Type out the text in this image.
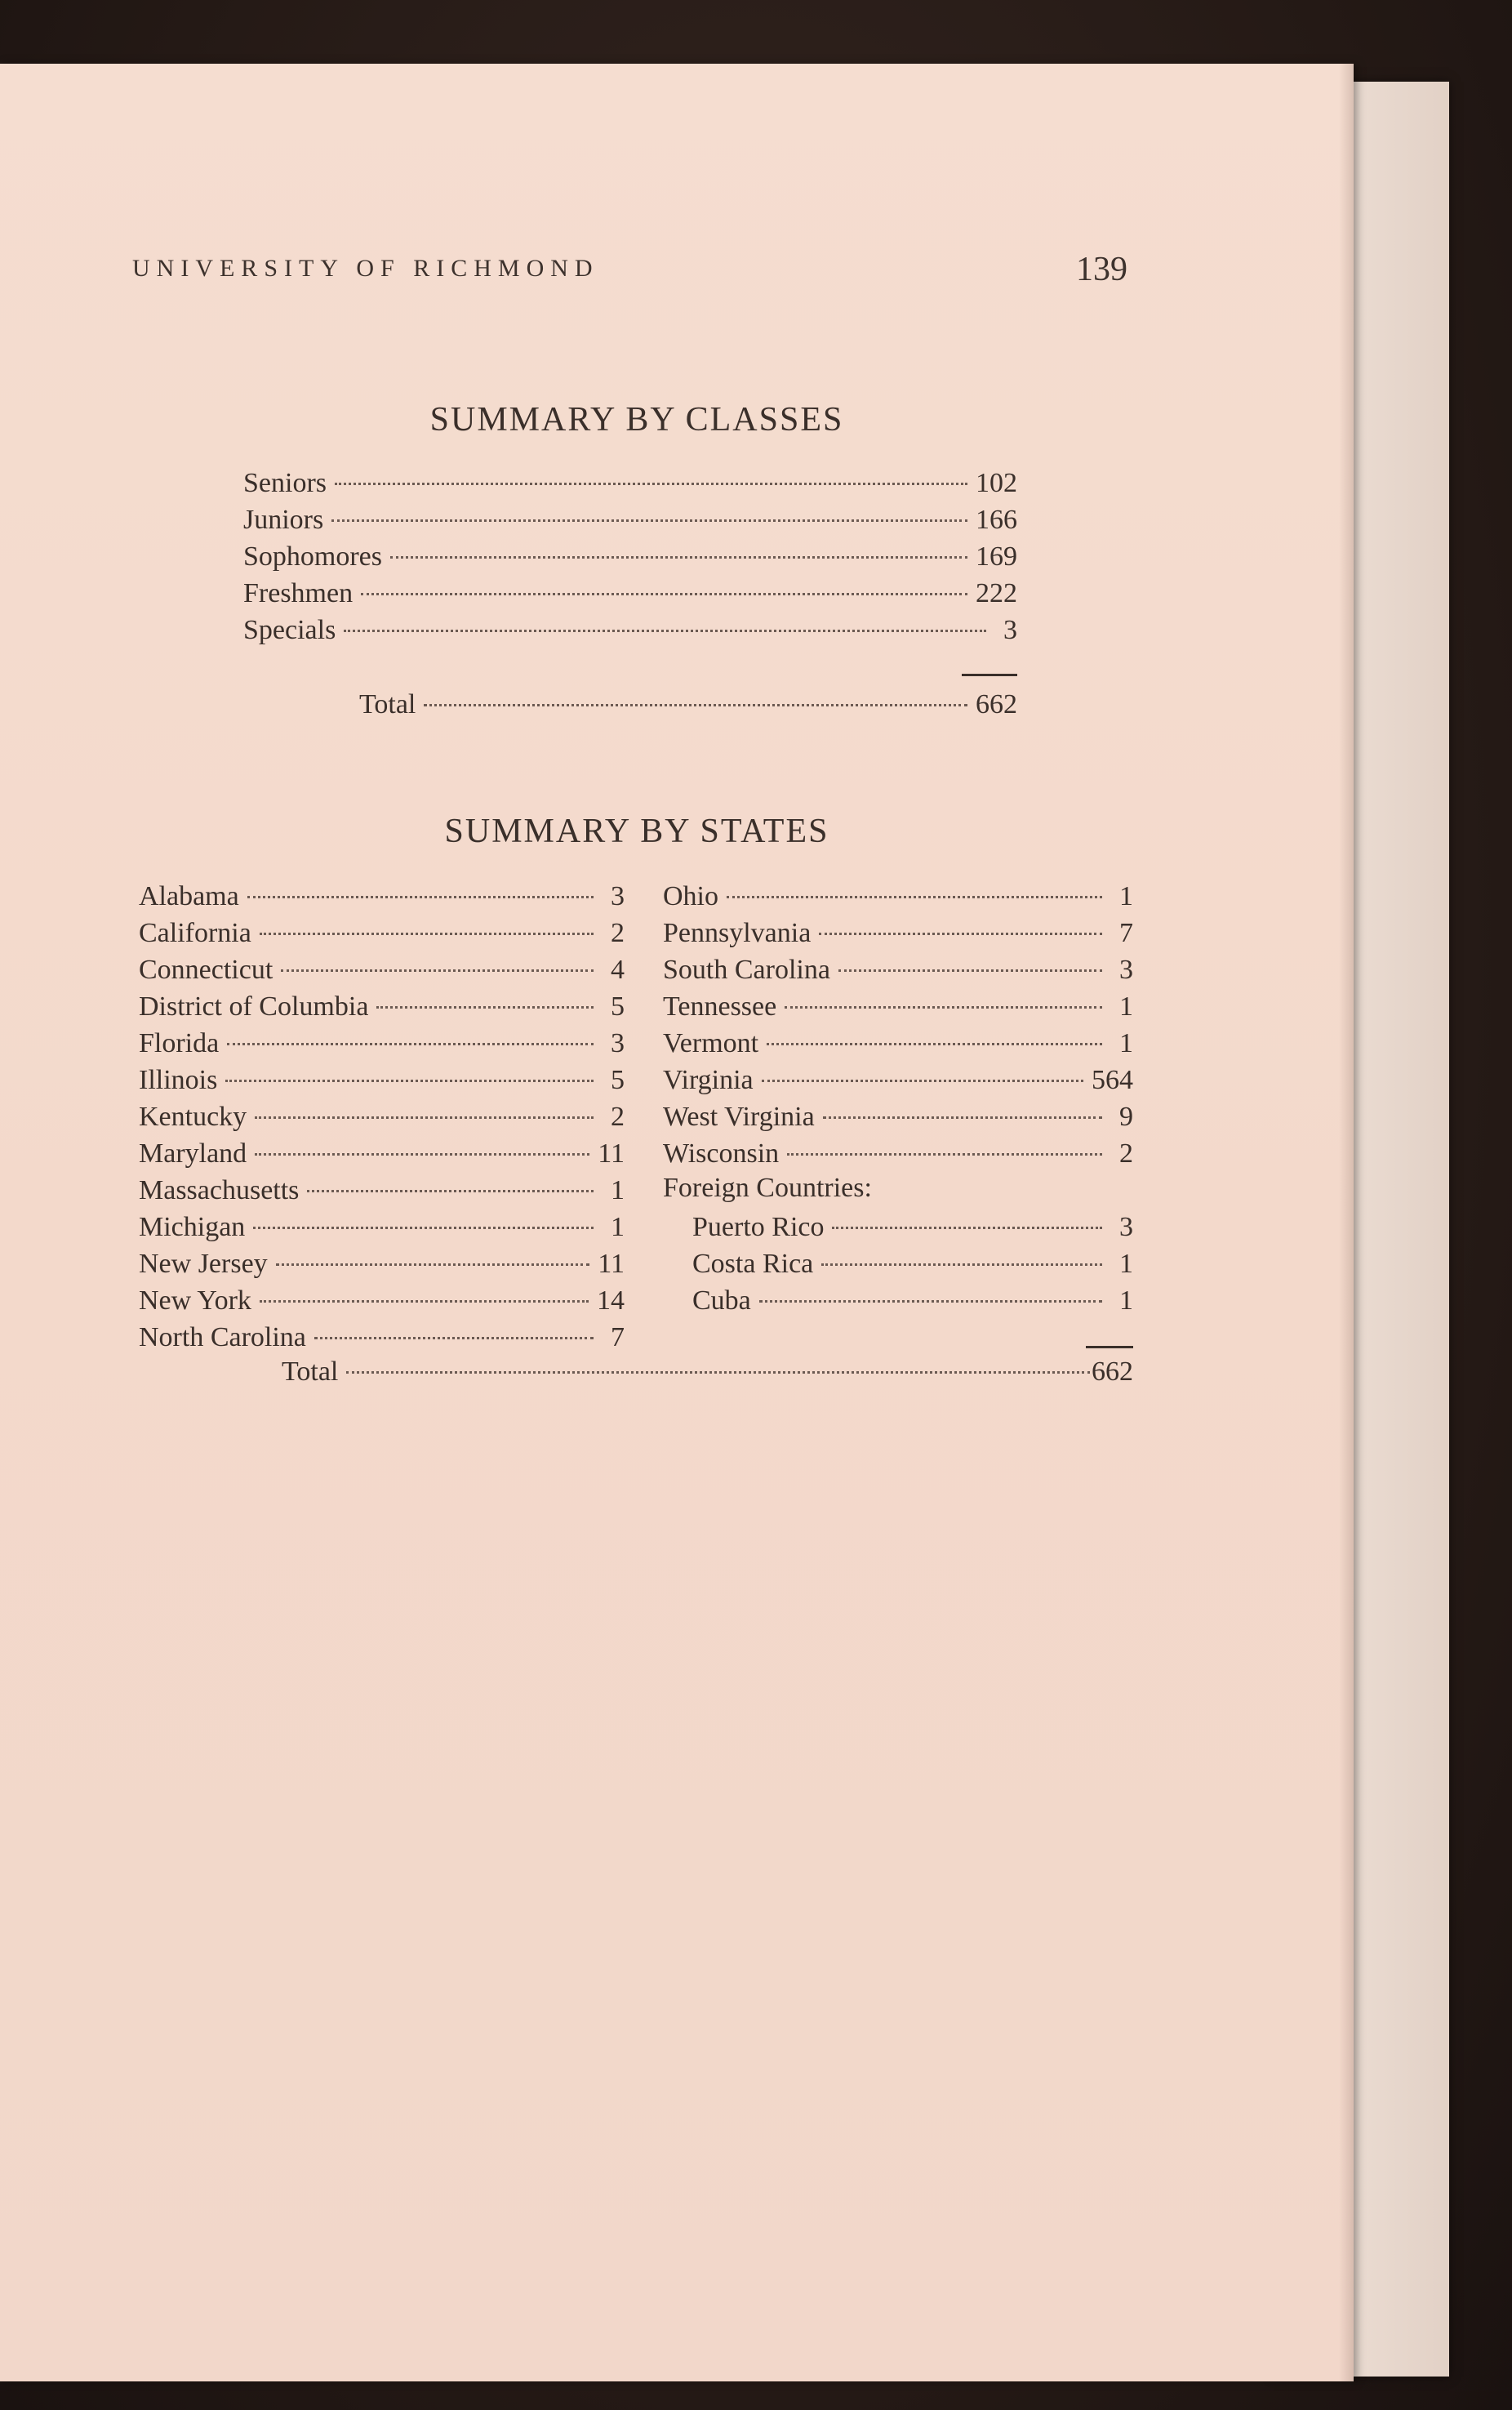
UNIVERSITY OF RICHMOND	139
SUMMARY BY CLASSES
Seniors	102
Juniors	166
Sophomores	169
Freshmen	222
Specials	3
Total	662
SUMMARY BY STATES
Alabama	3
California	2
Connecticut	4
District of Columbia	5
Florida	3
Illinois	5
Kentucky	2
Maryland	11
Massachusetts	1
Michigan	1
New Jersey	11
New York	14
North Carolina	7
Ohio	1
Pennsylvania	7
South Carolina	3
Tennessee	1
Vermont	1
Virginia	564
West Virginia	9
Wisconsin	2
Foreign Countries:
Puerto Rico	3
Costa Rica	1
Cuba	1
Total	662
